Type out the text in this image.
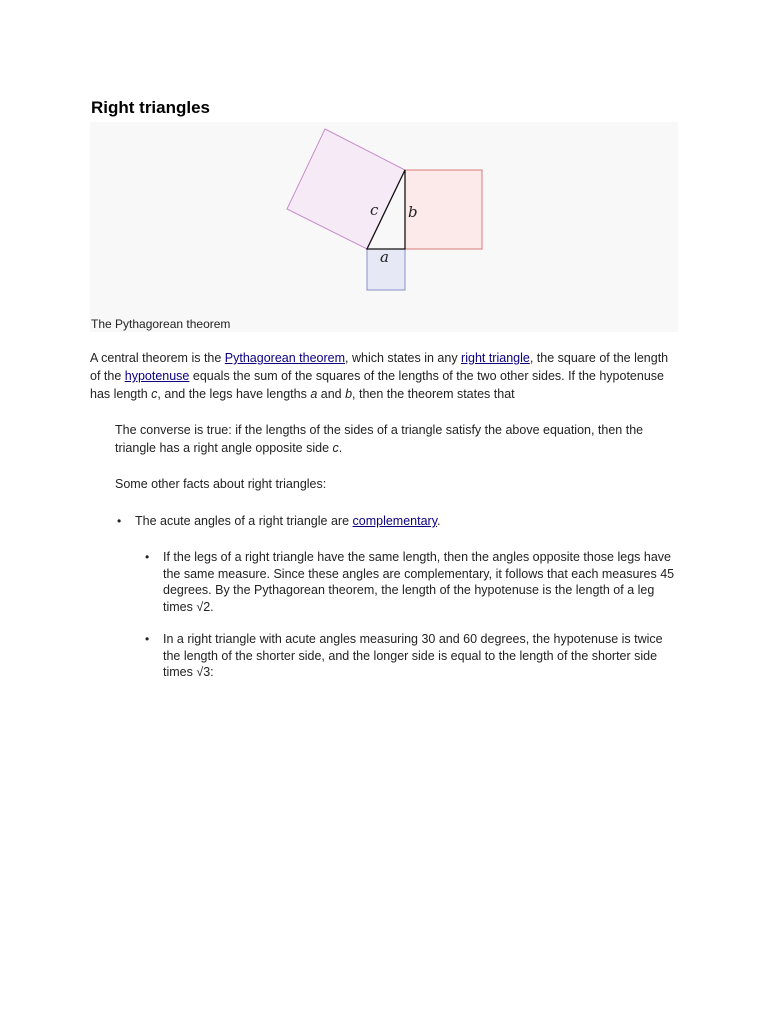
Right triangles
c b
a
The Pythagorean theorem

A central theorem is the Pythagorean theorem, which states in any right triangle, the square of the length of the hypotenuse equals the sum of the squares of the lengths of the two other sides. If the hypotenuse has length c, and the legs have lengths a and b, then the theorem states that

The converse is true: if the lengths of the sides of a triangle satisfy the above equation, then the triangle has a right angle opposite side c.

Some other facts about right triangles:

• The acute angles of a right triangle are complementary.
• If the legs of a right triangle have the same length, then the angles opposite those legs have the same measure. Since these angles are complementary, it follows that each measures 45 degrees. By the Pythagorean theorem, the length of the hypotenuse is the length of a leg times √2.
• In a right triangle with acute angles measuring 30 and 60 degrees, the hypotenuse is twice the length of the shorter side, and the longer side is equal to the length of the shorter side times √3:
